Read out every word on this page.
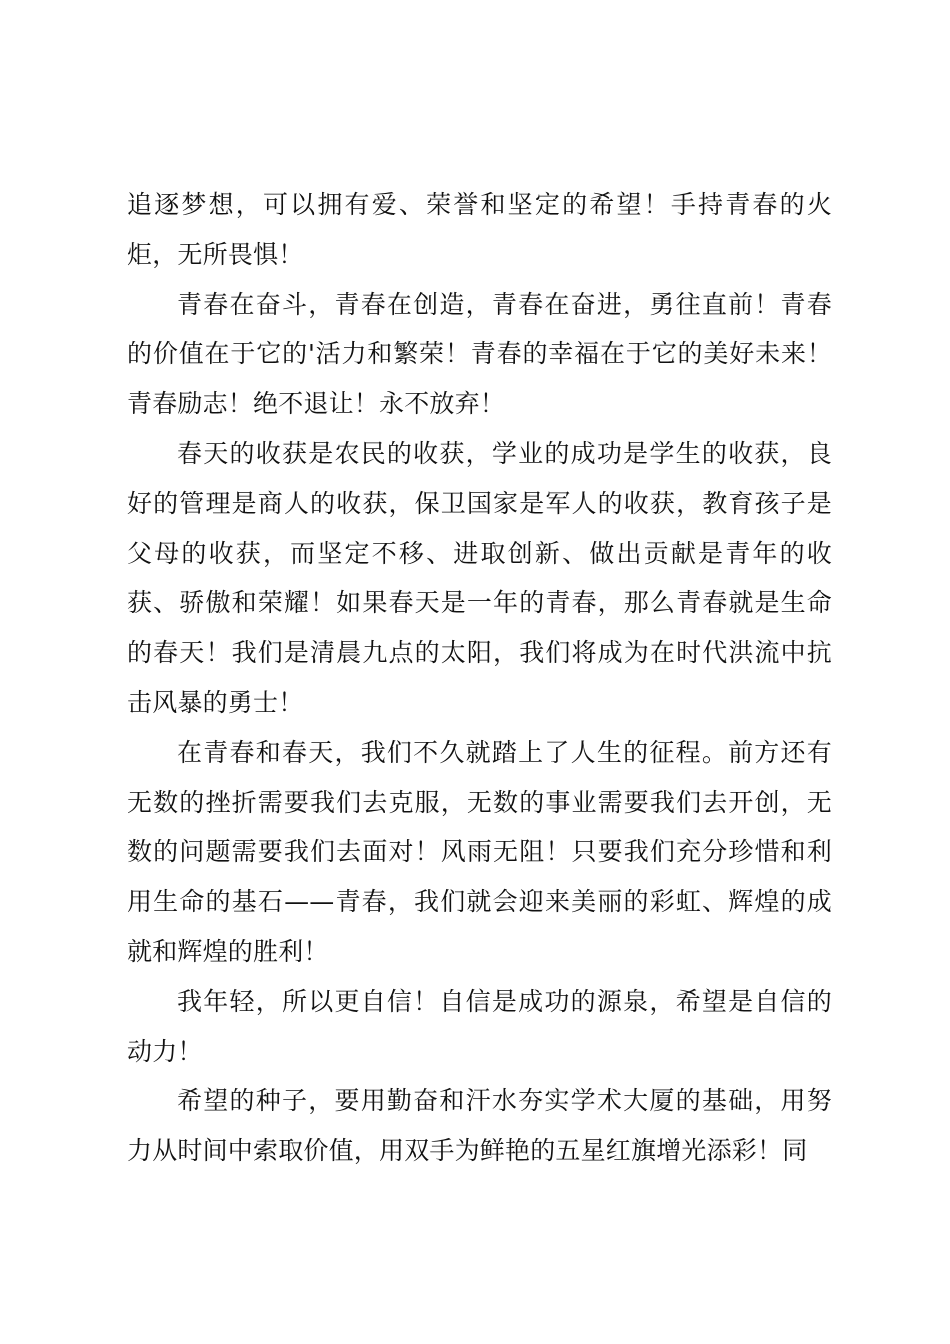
追逐梦想，可以拥有爱、荣誉和坚定的希望！手持青春的火炬，无所畏惧！

青春在奋斗，青春在创造，青春在奋进，勇往直前！青春的价值在于它的'活力和繁荣！青春的幸福在于它的美好未来！青春励志！绝不退让！永不放弃！

春天的收获是农民的收获，学业的成功是学生的收获，良好的管理是商人的收获，保卫国家是军人的收获，教育孩子是父母的收获，而坚定不移、进取创新、做出贡献是青年的收获、骄傲和荣耀！如果春天是一年的青春，那么青春就是生命的春天！我们是清晨九点的太阳，我们将成为在时代洪流中抗击风暴的勇士！

在青春和春天，我们不久就踏上了人生的征程。前方还有无数的挫折需要我们去克服，无数的事业需要我们去开创，无数的问题需要我们去面对！风雨无阻！只要我们充分珍惜和利用生命的基石——青春，我们就会迎来美丽的彩虹、辉煌的成就和辉煌的胜利！

我年轻，所以更自信！自信是成功的源泉，希望是自信的动力！

希望的种子，要用勤奋和汗水夯实学术大厦的基础，用努力从时间中索取价值，用双手为鲜艳的五星红旗增光添彩！同
